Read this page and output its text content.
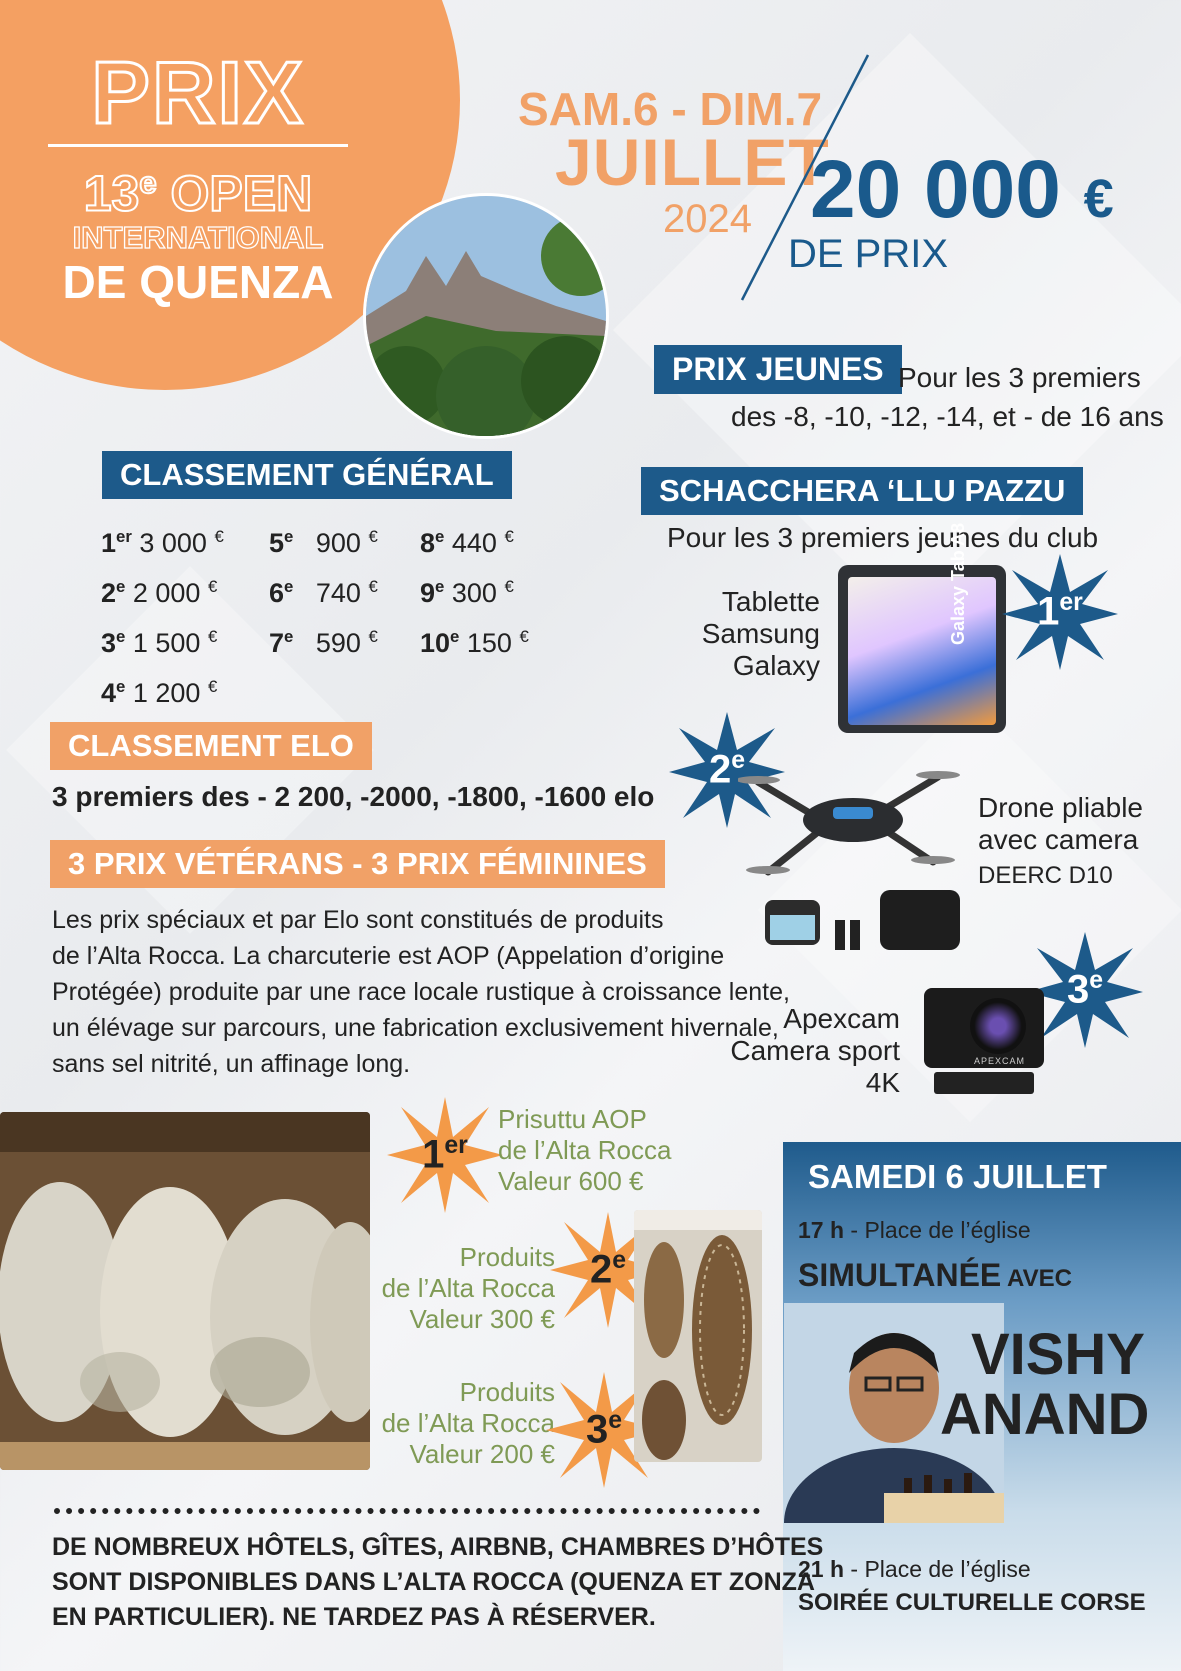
PRIX
13e OPEN
INTERNATIONAL
DE QUENZA
SAM.6 - DIM.7
JUILLET
2024 20 000 €
DE PRIX
PRIX JEUNES Pour les 3 premiers
des -8, -10, -12, -14, et - de 16 ans
CLASSEMENT GÉNÉRAL
1er 3 000 €
2e 2 000 €
3e 1 500 €
4e 1 200 €
5e 900 €
6e 740 €
7e 590 €
8e 440 €
9e 300 €
10e 150 €
SCHACCHERA ‘LLU PAZZU
Pour les 3 premiers jeunes du club
Tablette
Samsung
Galaxy
Galaxy Tab A8 1er
2e
Drone pliable
avec camera
DEERC D10
3e
Apexcam
Camera sport
4K
APEXCAM
CLASSEMENT ELO
3 premiers des - 2 200, -2000, -1800, -1600 elo
3 PRIX VÉTÉRANS - 3 PRIX FÉMININES
Les prix spéciaux et par Elo sont constitués de produits
de l’Alta Rocca. La charcuterie est AOP (Appelation d’origine
Protégée) produite par une race locale rustique à croissance lente,
un élévage sur parcours, une fabrication exclusivement hivernale,
sans sel nitrité, un affinage long.
1er
Prisuttu AOP
de l’Alta Rocca
Valeur 600 €
Produits
de l’Alta Rocca
Valeur 300 €
2e
Produits
de l’Alta Rocca
Valeur 200 €
3e
SAMEDI 6 JUILLET
17 h - Place de l’église
SIMULTANÉE AVEC
VISHY
ANAND
21 h - Place de l’église
SOIRÉE CULTURELLE CORSE
DE NOMBREUX HÔTELS, GÎTES, AIRBNB, CHAMBRES D’HÔTES
SONT DISPONIBLES DANS L’ALTA ROCCA (QUENZA ET ZONZA
EN PARTICULIER). NE TARDEZ PAS À RÉSERVER.
